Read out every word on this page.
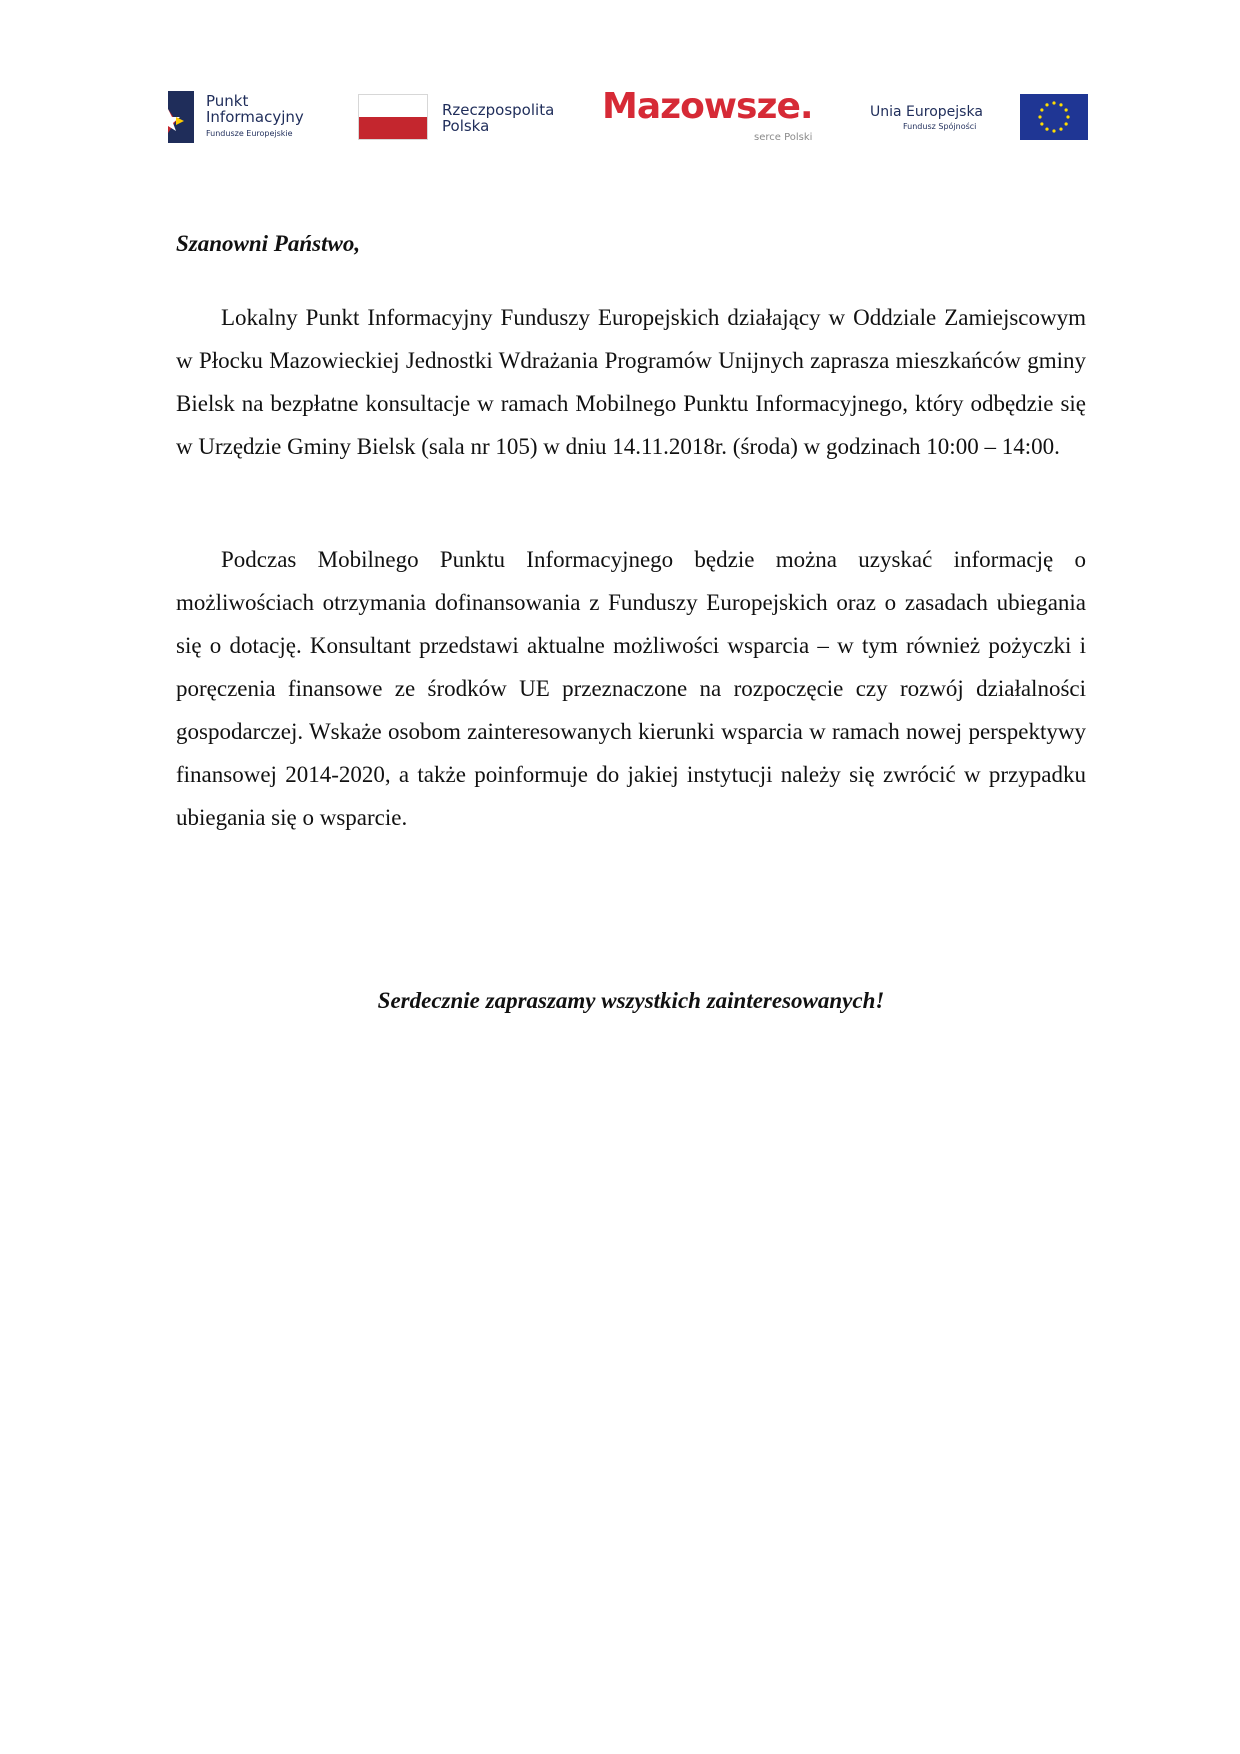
Punkt
Informacyjny
Fundusze Europejskie
Rzeczpospolita
Polska	Mazowsze.
serce Polski
Unia Europejska
Fundusz Spójności

Szanowni Państwo,

Lokalny Punkt Informacyjny Funduszy Europejskich działający w Oddziale Zamiejscowym w Płocku Mazowieckiej Jednostki Wdrażania Programów Unijnych zaprasza mieszkańców gminy Bielsk na bezpłatne konsultacje w ramach Mobilnego Punktu Informacyjnego, który odbędzie się w Urzędzie Gminy Bielsk (sala nr 105) w dniu 14.11.2018r. (środa) w godzinach 10:00 – 14:00.

Podczas Mobilnego Punktu Informacyjnego będzie można uzyskać informację o możliwościach otrzymania dofinansowania z Funduszy Europejskich oraz o zasadach ubiegania się o dotację. Konsultant przedstawi aktualne możliwości wsparcia – w tym również pożyczki i poręczenia finansowe ze środków UE przeznaczone na rozpoczęcie czy rozwój działalności gospodarczej. Wskaże osobom zainteresowanych kierunki wsparcia w ramach nowej perspektywy finansowej 2014-2020, a także poinformuje do jakiej instytucji należy się zwrócić w przypadku ubiegania się o wsparcie.

Serdecznie zapraszamy wszystkich zainteresowanych!
